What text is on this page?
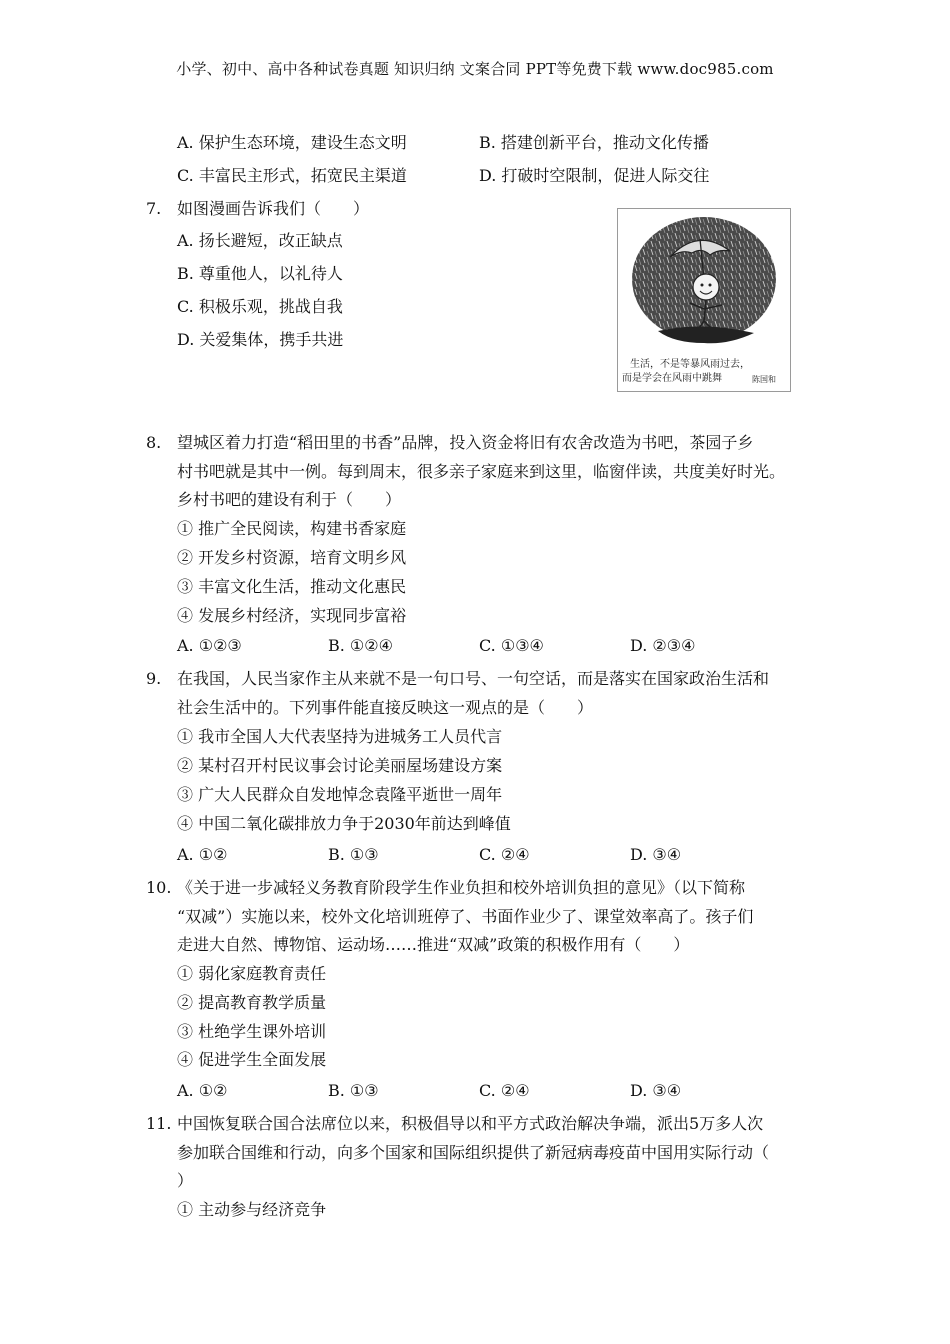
小学、初中、高中各种试卷真题 知识归纳 文案合同 PPT等免费下载 www.doc985.com
A. 保护生态环境，建设生态文明	B. 搭建创新平台，推动文化传播
C. 丰富民主形式，拓宽民主渠道	D. 打破时空限制，促进人际交往
7. 如图漫画告诉我们（　　）
A. 扬长避短，改正缺点
B. 尊重他人，以礼待人
C. 积极乐观，挑战自我
D. 关爱集体，携手共进
生活，不是等暴风雨过去，
而是学会在风雨中跳舞	陈国和
8. 望城区着力打造“稻田里的书香”品牌，投入资金将旧有农舍改造为书吧，茶园子乡
村书吧就是其中一例。每到周末，很多亲子家庭来到这里，临窗伴读，共度美好时光。
乡村书吧的建设有利于（　　）
① 推广全民阅读，构建书香家庭
② 开发乡村资源，培育文明乡风
③ 丰富文化生活，推动文化惠民
④ 发展乡村经济，实现同步富裕
A. ①②③	B. ①②④	C. ①③④	D. ②③④
9. 在我国，人民当家作主从来就不是一句口号、一句空话，而是落实在国家政治生活和
社会生活中的。下列事件能直接反映这一观点的是（　　）
① 我市全国人大代表坚持为进城务工人员代言
② 某村召开村民议事会讨论美丽屋场建设方案
③ 广大人民群众自发地悼念袁隆平逝世一周年
④ 中国二氧化碳排放力争于2030年前达到峰值
A. ①②	B. ①③	C. ②④	D. ③④
10. 《关于进一步减轻义务教育阶段学生作业负担和校外培训负担的意见》（以下简称
“双减”）实施以来，校外文化培训班停了、书面作业少了、课堂效率高了。孩子们
走进大自然、博物馆、运动场……推进“双减”政策的积极作用有（　　）
① 弱化家庭教育责任
② 提高教育教学质量
③ 杜绝学生课外培训
④ 促进学生全面发展
A. ①②	B. ①③	C. ②④	D. ③④
11. 中国恢复联合国合法席位以来，积极倡导以和平方式政治解决争端，派出5万多人次
参加联合国维和行动，向多个国家和国际组织提供了新冠病毒疫苗中国用实际行动（
）
① 主动参与经济竞争
